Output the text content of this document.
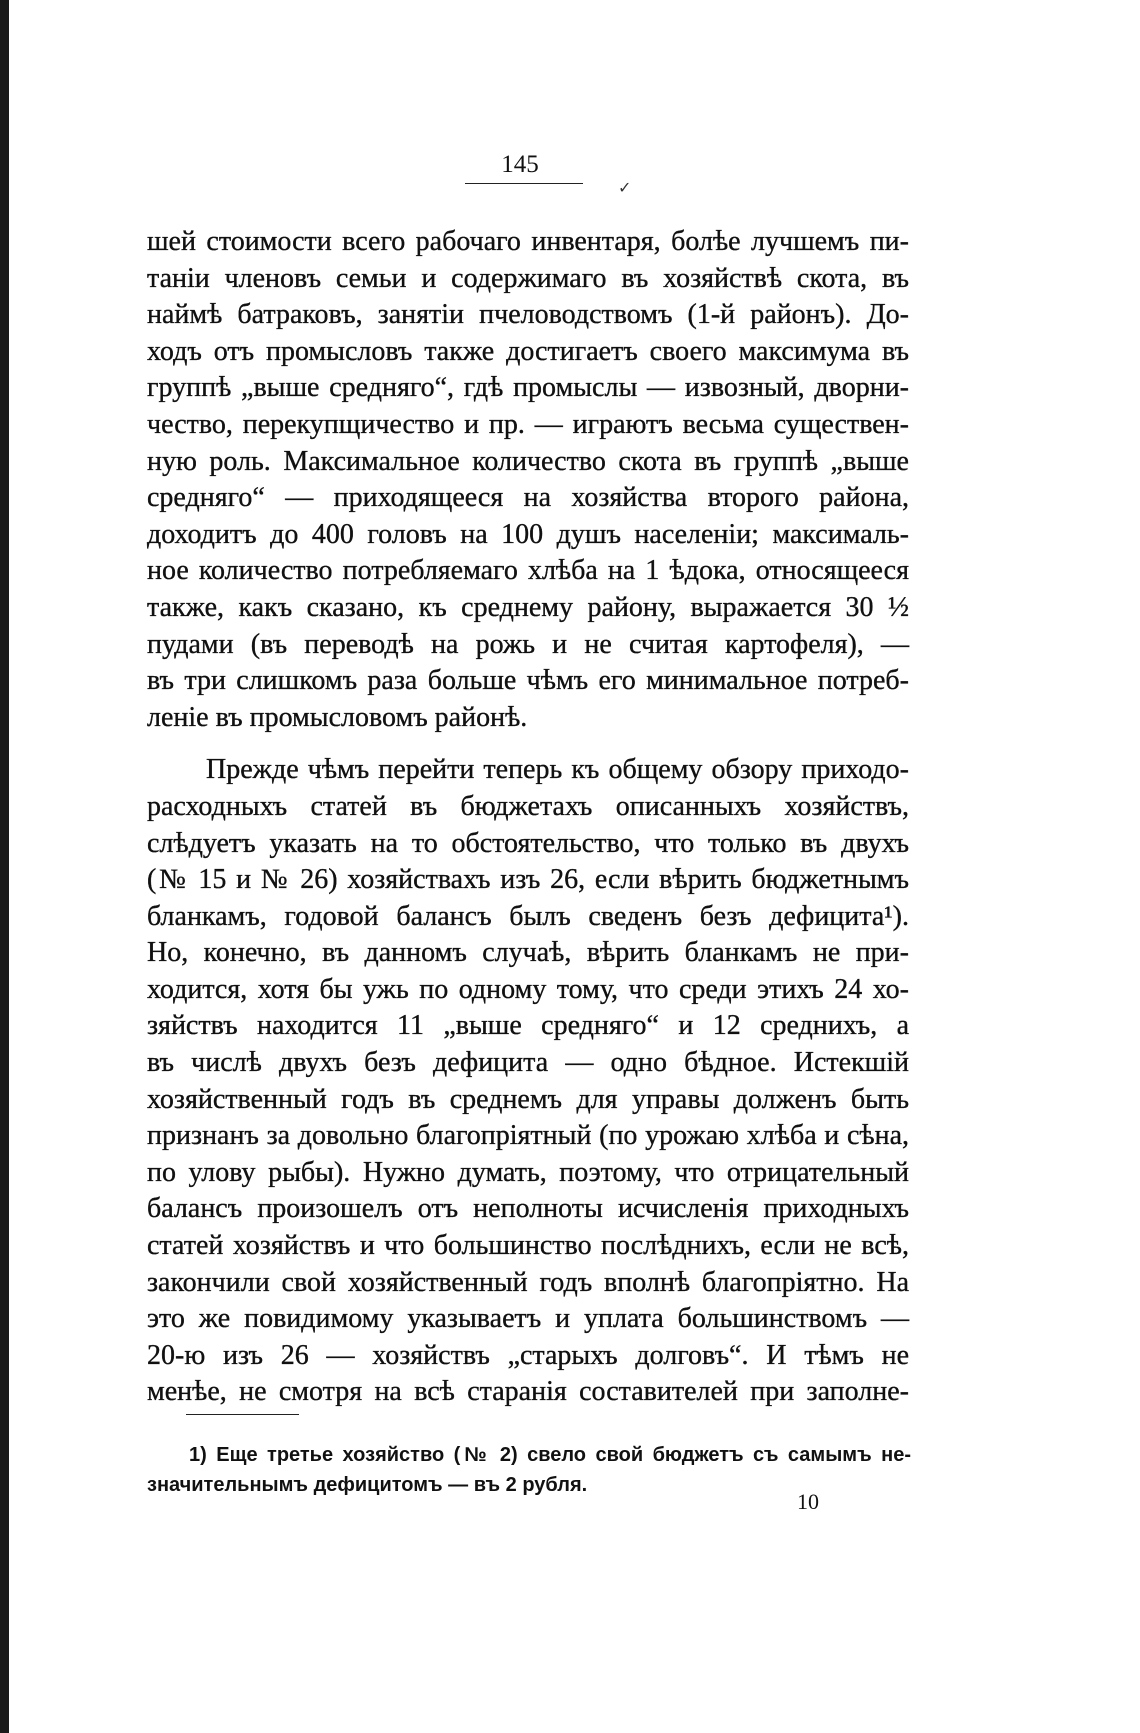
145
✓
шей стоимости всего рабочаго инвентаря, болѣе лучшемъ пи-
таніи членовъ семьи и содержимаго въ хозяйствѣ скота, въ
наймѣ батраковъ, занятіи пчеловодствомъ (1-й районъ). До-
ходъ отъ промысловъ также достигаетъ своего максимума въ
группѣ „выше средняго“, гдѣ промыслы — извозный, дворни-
чество, перекупщичество и пр. — играютъ весьма существен-
ную роль. Максимальное количество скота въ группѣ „выше
средняго“ — приходящееся на хозяйства второго района,
доходитъ до 400 головъ на 100 душъ населеніи; максималь-
ное количество потребляемаго хлѣба на 1 ѣдока, относящееся
также, какъ сказано, къ среднему району, выражается 30 ½
пудами (въ переводѣ на рожь и не считая картофеля), —
въ три слишкомъ раза больше чѣмъ его минимальное потреб-
леніе въ промысловомъ районѣ.
Прежде чѣмъ перейти теперь къ общему обзору приходо-
расходныхъ статей въ бюджетахъ описанныхъ хозяйствъ,
слѣдуетъ указать на то обстоятельство, что только въ двухъ
(№ 15 и № 26) хозяйствахъ изъ 26, если вѣрить бюджетнымъ
бланкамъ, годовой балансъ былъ сведенъ безъ дефицита¹).
Но, конечно, въ данномъ случаѣ, вѣрить бланкамъ не при-
ходится, хотя бы ужь по одному тому, что среди этихъ 24 хо-
зяйствъ находится 11 „выше средняго“ и 12 среднихъ, а
въ числѣ двухъ безъ дефицита — одно бѣдное. Истекшій
хозяйственный годъ въ среднемъ для управы долженъ быть
признанъ за довольно благопріятный (по урожаю хлѣба и сѣна,
по улову рыбы). Нужно думать, поэтому, что отрицательный
балансъ произошелъ отъ неполноты исчисленія приходныхъ
статей хозяйствъ и что большинство послѣднихъ, если не всѣ,
закончили свой хозяйственный годъ вполнѣ благопріятно. На
это же повидимому указываетъ и уплата большинствомъ —
20-ю изъ 26 — хозяйствъ „старыхъ долговъ“. И тѣмъ не
менѣе, не смотря на всѣ старанія составителей при заполне-
1) Еще третье хозяйство (№ 2) свело свой бюджетъ съ самымъ не-
значительнымъ дефицитомъ — въ 2 рубля.
10
